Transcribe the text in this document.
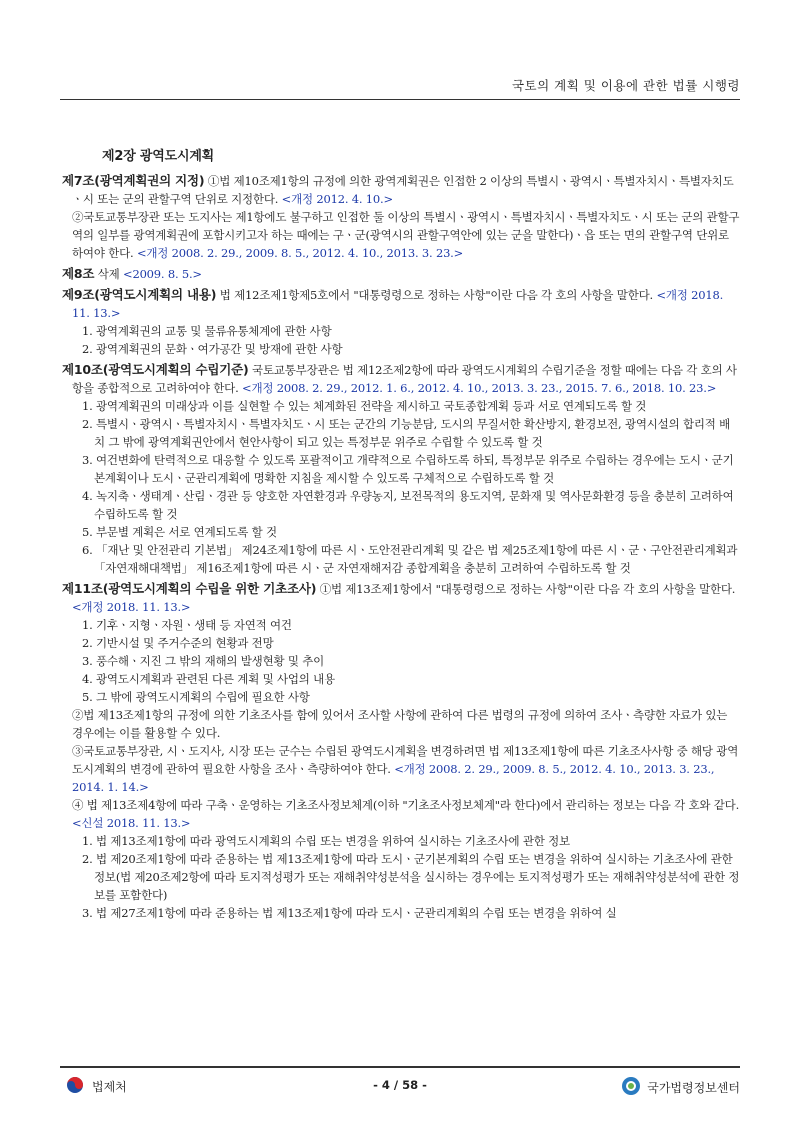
국토의 계획 및 이용에 관한 법률 시행령
제2장 광역도시계획
제7조(광역계획권의 지정) ①법 제10조제1항의 규정에 의한 광역계획권은 인접한 2 이상의 특별시ㆍ광역시ㆍ특별자치시ㆍ특별자치도ㆍ시 또는 군의 관할구역 단위로 지정한다. <개정 2012. 4. 10.>
②국토교통부장관 또는 도지사는 제1항에도 불구하고 인접한 둘 이상의 특별시ㆍ광역시ㆍ특별자치시ㆍ특별자치도ㆍ시 또는 군의 관할구역의 일부를 광역계획권에 포함시키고자 하는 때에는 구ㆍ군(광역시의 관할구역안에 있는 군을 말한다)ㆍ읍 또는 면의 관할구역 단위로 하여야 한다. <개정 2008. 2. 29., 2009. 8. 5., 2012. 4. 10., 2013. 3. 23.>
제8조 삭제 <2009. 8. 5.>
제9조(광역도시계획의 내용) 법 제12조제1항제5호에서 "대통령령으로 정하는 사항"이란 다음 각 호의 사항을 말한다. <개정 2018. 11. 13.>
1. 광역계획권의 교통 및 물류유통체계에 관한 사항
2. 광역계획권의 문화ㆍ여가공간 및 방재에 관한 사항
제10조(광역도시계획의 수립기준) 국토교통부장관은 법 제12조제2항에 따라 광역도시계획의 수립기준을 정할 때에는 다음 각 호의 사항을 종합적으로 고려하여야 한다. <개정 2008. 2. 29., 2012. 1. 6., 2012. 4. 10., 2013. 3. 23., 2015. 7. 6., 2018. 10. 23.>
1. 광역계획권의 미래상과 이를 실현할 수 있는 체계화된 전략을 제시하고 국토종합계획 등과 서로 연계되도록 할 것
2. 특별시ㆍ광역시ㆍ특별자치시ㆍ특별자치도ㆍ시 또는 군간의 기능분담, 도시의 무질서한 확산방지, 환경보전, 광역시설의 합리적 배치 그 밖에 광역계획권안에서 현안사항이 되고 있는 특정부문 위주로 수립할 수 있도록 할 것
3. 여건변화에 탄력적으로 대응할 수 있도록 포괄적이고 개략적으로 수립하도록 하되, 특정부문 위주로 수립하는 경우에는 도시ㆍ군기본계획이나 도시ㆍ군관리계획에 명확한 지침을 제시할 수 있도록 구체적으로 수립하도록 할 것
4. 녹지축ㆍ생태계ㆍ산림ㆍ경관 등 양호한 자연환경과 우량농지, 보전목적의 용도지역, 문화재 및 역사문화환경 등을 충분히 고려하여 수립하도록 할 것
5. 부문별 계획은 서로 연계되도록 할 것
6. 「재난 및 안전관리 기본법」 제24조제1항에 따른 시ㆍ도안전관리계획 및 같은 법 제25조제1항에 따른 시ㆍ군ㆍ구안전관리계획과 「자연재해대책법」 제16조제1항에 따른 시ㆍ군 자연재해저감 종합계획을 충분히 고려하여 수립하도록 할 것
제11조(광역도시계획의 수립을 위한 기초조사) ①법 제13조제1항에서 "대통령령으로 정하는 사항"이란 다음 각 호의 사항을 말한다. <개정 2018. 11. 13.>
1. 기후ㆍ지형ㆍ자원ㆍ생태 등 자연적 여건
2. 기반시설 및 주거수준의 현황과 전망
3. 풍수해ㆍ지진 그 밖의 재해의 발생현황 및 추이
4. 광역도시계획과 관련된 다른 계획 및 사업의 내용
5. 그 밖에 광역도시계획의 수립에 필요한 사항
②법 제13조제1항의 규정에 의한 기초조사를 함에 있어서 조사할 사항에 관하여 다른 법령의 규정에 의하여 조사ㆍ측량한 자료가 있는 경우에는 이를 활용할 수 있다.
③국토교통부장관, 시ㆍ도지사, 시장 또는 군수는 수립된 광역도시계획을 변경하려면 법 제13조제1항에 따른 기초조사사항 중 해당 광역도시계획의 변경에 관하여 필요한 사항을 조사ㆍ측량하여야 한다. <개정 2008. 2. 29., 2009. 8. 5., 2012. 4. 10., 2013. 3. 23., 2014. 1. 14.>
④ 법 제13조제4항에 따라 구축ㆍ운영하는 기초조사정보체계(이하 "기초조사정보체계"라 한다)에서 관리하는 정보는 다음 각 호와 같다. <신설 2018. 11. 13.>
1. 법 제13조제1항에 따라 광역도시계획의 수립 또는 변경을 위하여 실시하는 기초조사에 관한 정보
2. 법 제20조제1항에 따라 준용하는 법 제13조제1항에 따라 도시ㆍ군기본계획의 수립 또는 변경을 위하여 실시하는 기초조사에 관한 정보(법 제20조제2항에 따라 토지적성평가 또는 재해취약성분석을 실시하는 경우에는 토지적성평가 또는 재해취약성분석에 관한 정보를 포함한다)
3. 법 제27조제1항에 따라 준용하는 법 제13조제1항에 따라 도시ㆍ군관리계획의 수립 또는 변경을 위하여 실
법제처	- 4 / 58 -	국가법령정보센터
